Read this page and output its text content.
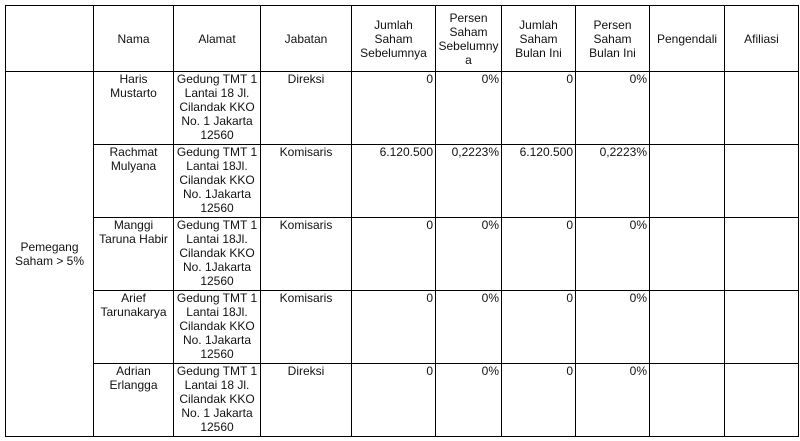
	Nama	Alamat	Jabatan	Jumlah Saham Sebelumnya	Persen Saham Sebelumny a	Jumlah Saham Bulan Ini	Persen Saham Bulan Ini	Pengendali	Afiliasi
Pemegang Saham > 5%	Haris Mustarto	Gedung TMT 1 Lantai 18 Jl. Cilandak KKO No. 1 Jakarta 12560	Direksi	0	0%	0	0%		
	Rachmat Mulyana	Gedung TMT 1 Lantai 18Jl. Cilandak KKO No. 1Jakarta 12560	Komisaris	6.120.500	0,2223%	6.120.500	0,2223%		
	Manggi Taruna Habir	Gedung TMT 1 Lantai 18Jl. Cilandak KKO No. 1Jakarta 12560	Komisaris	0	0%	0	0%		
	Arief Tarunakarya	Gedung TMT 1 Lantai 18Jl. Cilandak KKO No. 1Jakarta 12560	Komisaris	0	0%	0	0%		
	Adrian Erlangga	Gedung TMT 1 Lantai 18 Jl. Cilandak KKO No. 1 Jakarta 12560	Direksi	0	0%	0	0%		
